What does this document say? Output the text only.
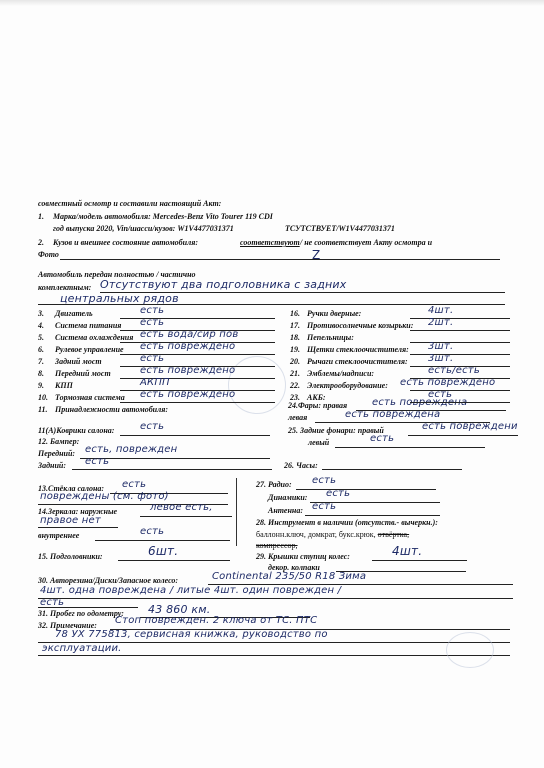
совместный осмотр и составили настоящий Акт:
1. Марка/модель автомобиля: Mercedes-Benz Vito Tourer 119 CDI
год выпуска 2020, Vin/шасси/кузов: W1V4477031371	ТСУТСТВУЕТ/W1V4477031371
2. Кузов и внешнее состояние автомобиля:	соответствуют / не соответствует Акту осмотра и
Фото	Z
Автомобиль передан полностью / частично
комплектным: Отсутствуют два подголовника с задних
центральных рядов
24.Фары: правая есть повреждена
левая	есть повреждена
25. Задние фонари: правый	есть повреждени
левый	есть
11(A)Коврики салона:	есть
12. Бампер:
Передний: есть, поврежден
Задний: есть	26. Часы:
13.Стёкла салона: есть
повреждены (см. фото)
14.Зеркала: наружные	левое есть,
правое нет
внутреннее	есть
27. Радио: есть
Динамики: есть
Антенна: есть
28. Инструмент в наличии (отсутств.- вычеркн.):
баллонн.ключ, домкрат, букс.крюк, отвёртка,
компрессор,
15. Подголовники:	6шт.	29. Крышки ступиц колес:	4шт.
декор. колпаки
30. Авторезина/Диски/Запасное колесо:	Continental 235/50 R18 Зима
4шт. одна повреждена / литые 4шт. один поврежден /
есть
31. Пробег по одометру: 43 860 км.
32. Примечание: Стоп поврежден. 2 ключа от ТС. ПТС
78 УХ 775813, сервисная книжка, руководство по
эксплуатации.
3. Двигатель	есть
4. Система питания есть
5. Система охлаждения есть вода/сир пов
6. Рулевое управление есть повреждено
7. Задний мост	есть
8. Передний мост	есть повреждено
9. КПП	АКПП
10. Тормозная система есть повреждено
11. Принадлежности автомобиля:
16. Ручки дверные:	4шт.
17. Противосолнечные козырьки: 2шт.
18. Пепельницы:
19. Щетки стеклоочистителя: 3шт.
20. Рычаги стеклоочистителя: 3шт.
21. Эмблемы/надписи:	есть/есть
22. Электрооборудование: есть повреждено
23. АКБ:	есть
